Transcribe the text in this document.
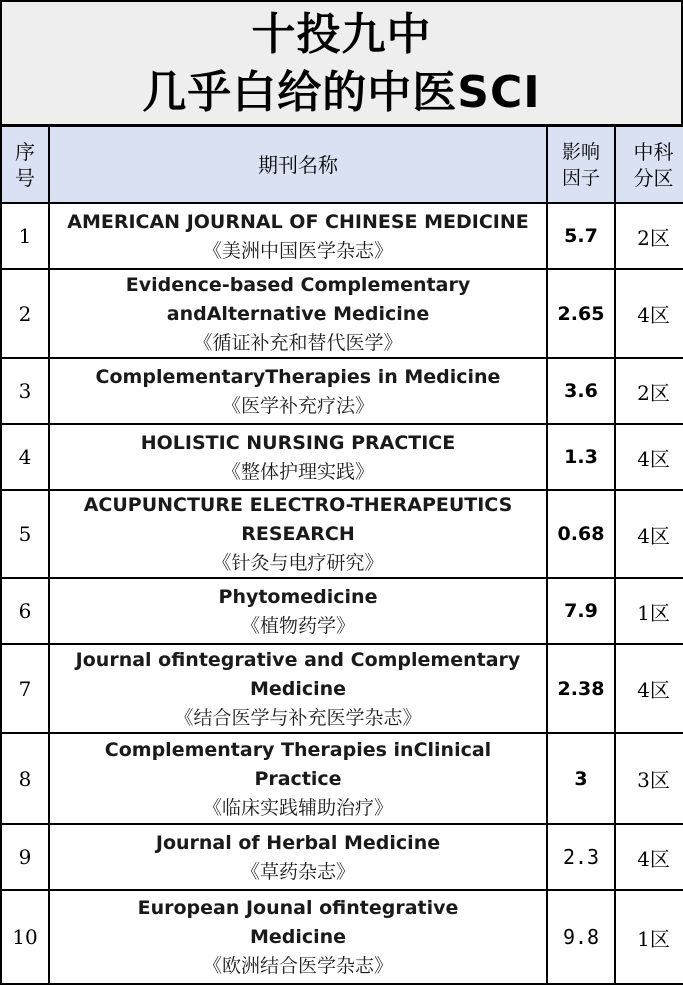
十投九中
几乎白给的中医SCI
序
号	期刊名称	影响
因子	中科
分区
1	AMERICAN JOURNAL OF CHINESE MEDICINE
《美洲中国医学杂志》	5.7	2区
2	Evidence-based Complementary
andAlternative Medicine
《循证补充和替代医学》	2.65	4区
3	ComplementaryTherapies in Medicine
《医学补充疗法》	3.6	2区
4	HOLISTIC NURSING PRACTICE
《整体护理实践》	1.3	4区
5	ACUPUNCTURE ELECTRO-THERAPEUTICS
RESEARCH
《针灸与电疗研究》	0.68	4区
6	Phytomedicine
《植物药学》	7.9	1区
7	Journal ofintegrative and Complementary
Medicine
《结合医学与补充医学杂志》	2.38	4区
8	Complementary Therapies inClinical
Practice
《临床实践辅助治疗》	3	3区
9	Journal of Herbal Medicine
《草药杂志》	2.3	4区
10	European Jounal ofintegrative
Medicine
《欧洲结合医学杂志》	9.8	1区
